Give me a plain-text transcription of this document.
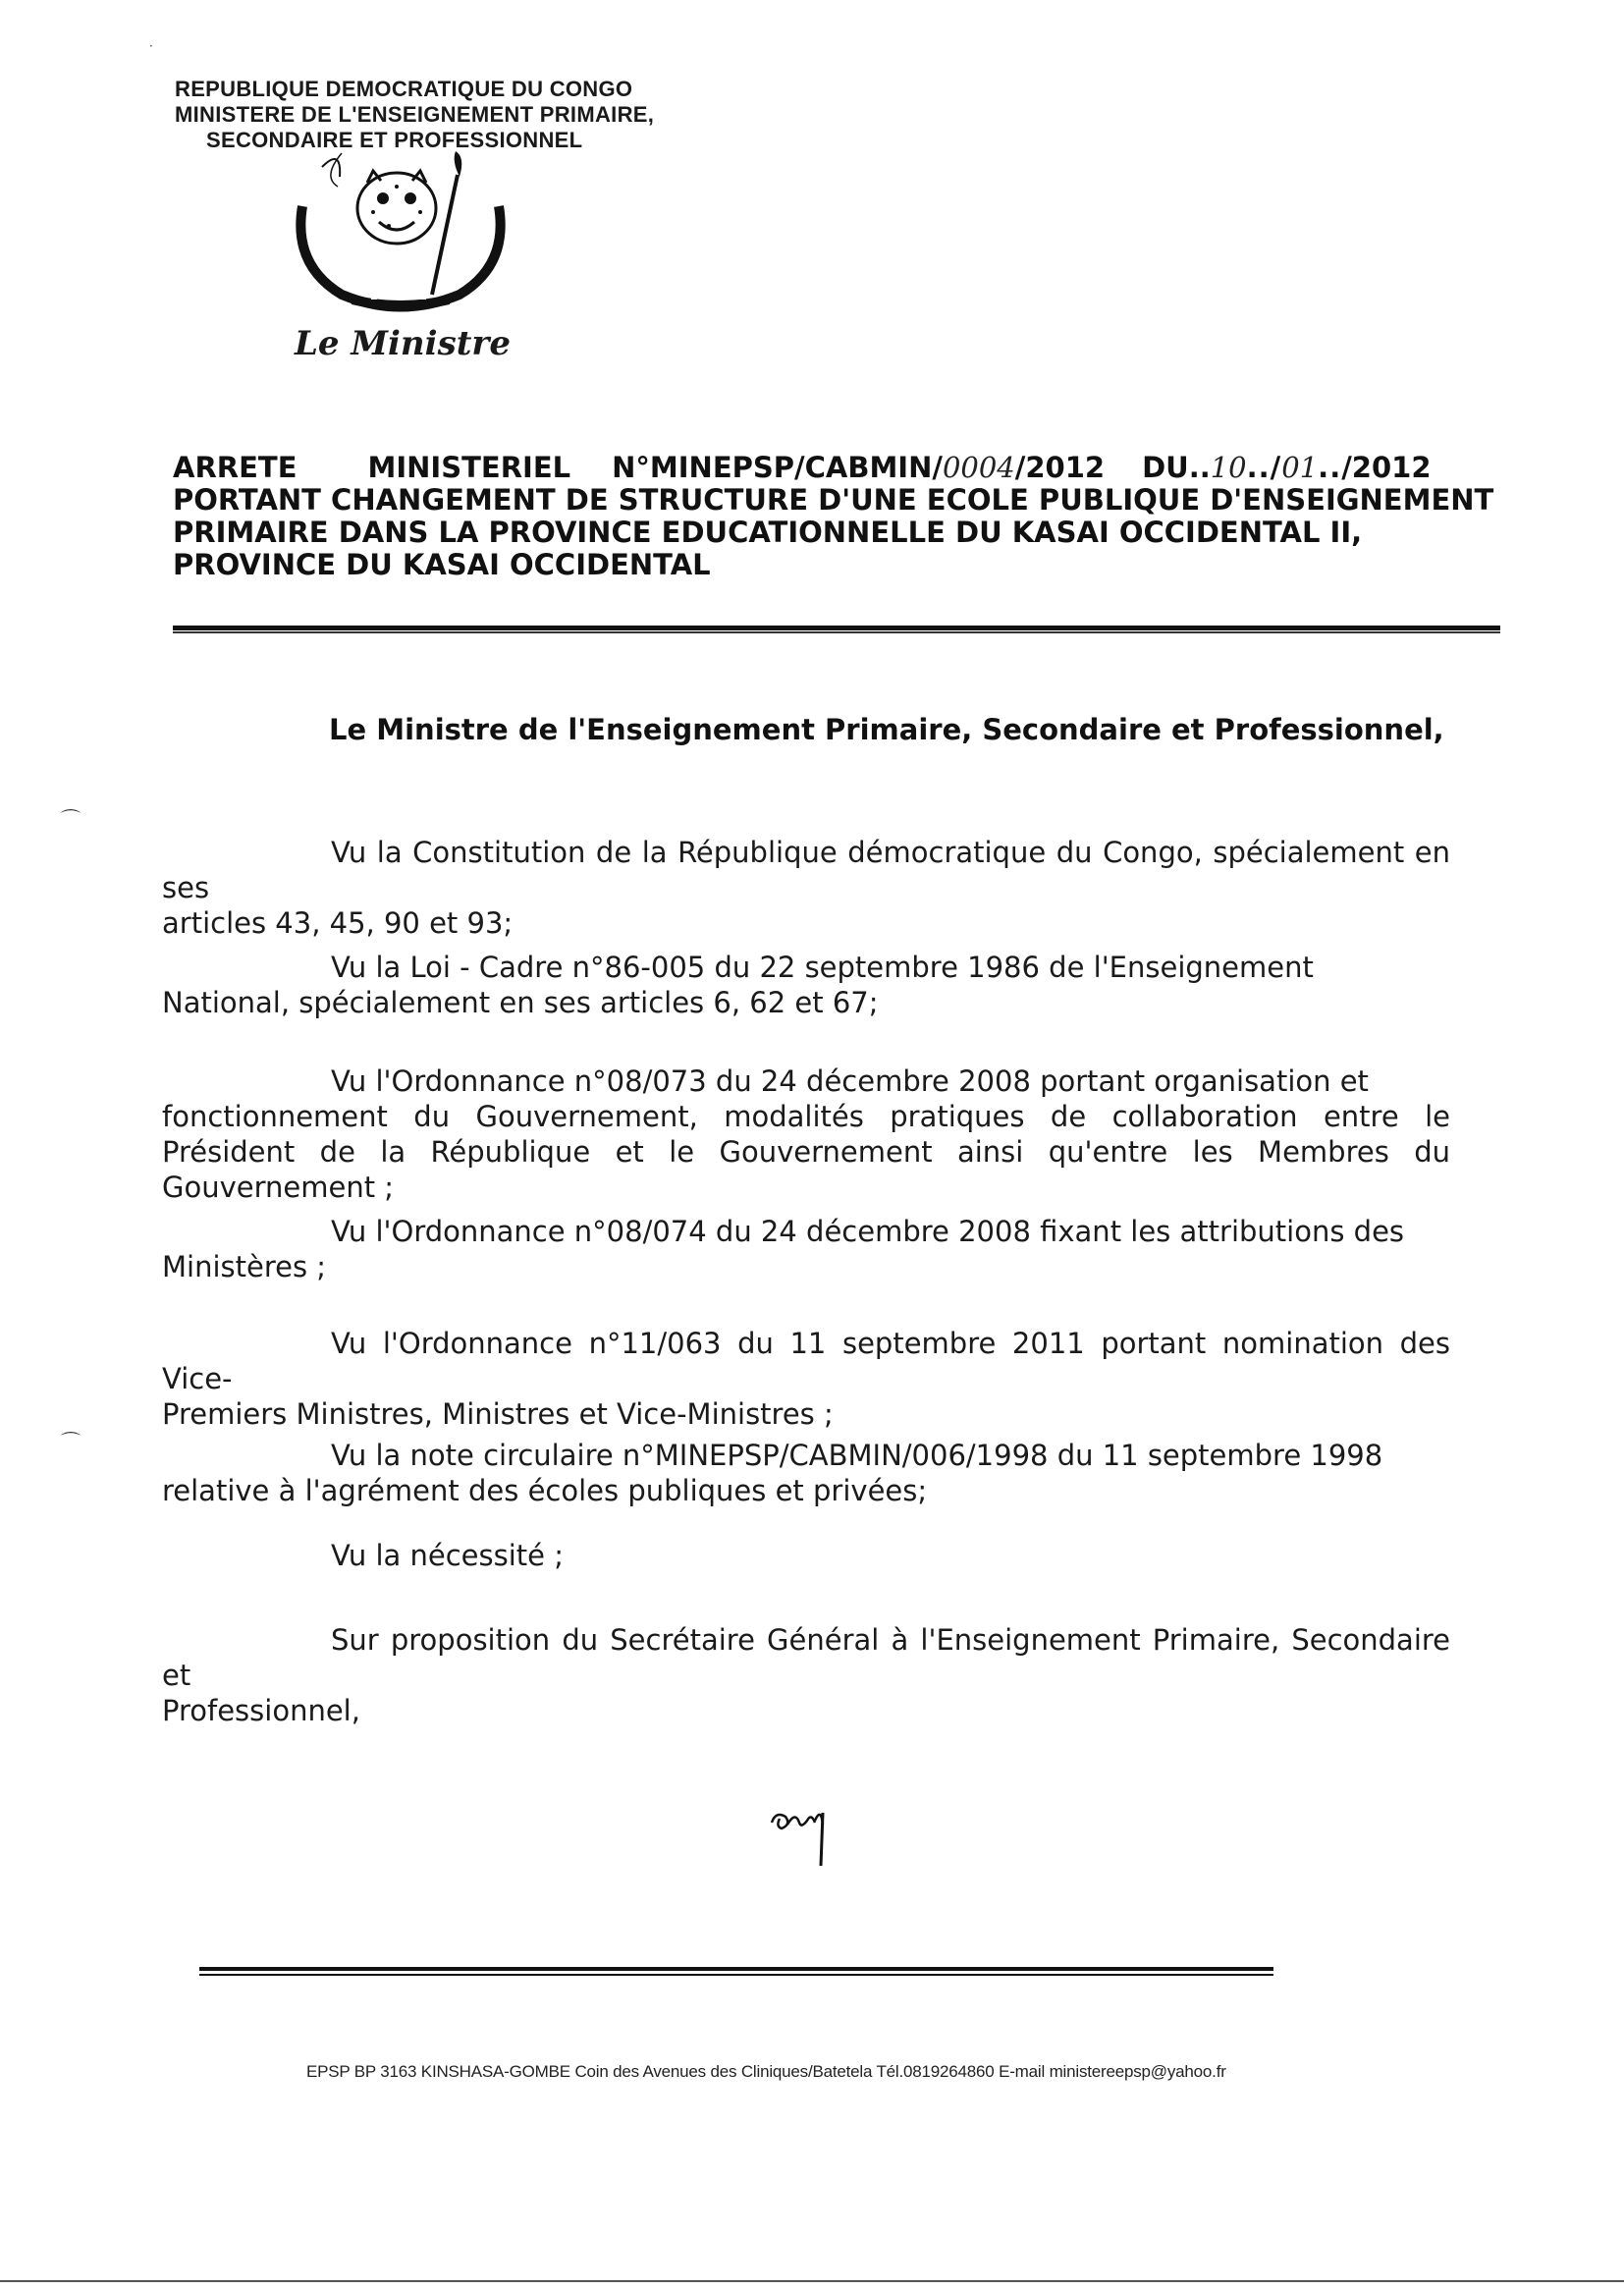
REPUBLIQUE DEMOCRATIQUE DU CONGO
MINISTERE DE L'ENSEIGNEMENT PRIMAIRE,
SECONDAIRE ET PROFESSIONNEL
Le Ministre
ARRETE MINISTERIEL N°MINEPSP/CABMIN/ 0004 /2012 DU.. 10 ../ 01 .. /2012
PORTANT CHANGEMENT DE STRUCTURE D'UNE ECOLE PUBLIQUE D'ENSEIGNEMENT
PRIMAIRE DANS LA PROVINCE EDUCATIONNELLE DU KASAI OCCIDENTAL II,
PROVINCE DU KASAI OCCIDENTAL
Le Ministre de l'Enseignement Primaire, Secondaire et Professionnel,
⌒
⌒
·
Vu la Constitution de la République démocratique du Congo, spécialement en ses
articles 43, 45, 90 et 93;
Vu la Loi - Cadre n°86-005 du 22 septembre 1986 de l'Enseignement
National, spécialement en ses articles 6, 62 et 67;
Vu l'Ordonnance n°08/073 du 24 décembre 2008 portant organisation et
fonctionnement du Gouvernement, modalités pratiques de collaboration entre le Président de la République et le Gouvernement ainsi qu'entre les Membres du Gouvernement ;
Vu l'Ordonnance n°08/074 du 24 décembre 2008 fixant les attributions des
Ministères ;
Vu l'Ordonnance n°11/063 du 11 septembre 2011 portant nomination des Vice-
Premiers Ministres, Ministres et Vice-Ministres ;
Vu la note circulaire n°MINEPSP/CABMIN/006/1998 du 11 septembre 1998
relative à l'agrément des écoles publiques et privées;
Vu la nécessité ;
Sur proposition du Secrétaire Général à l'Enseignement Primaire, Secondaire et
Professionnel,
EPSP BP 3163 KINSHASA-GOMBE Coin des Avenues des Cliniques/Batetela Tél.0819264860 E-mail ministereepsp@yahoo.fr
